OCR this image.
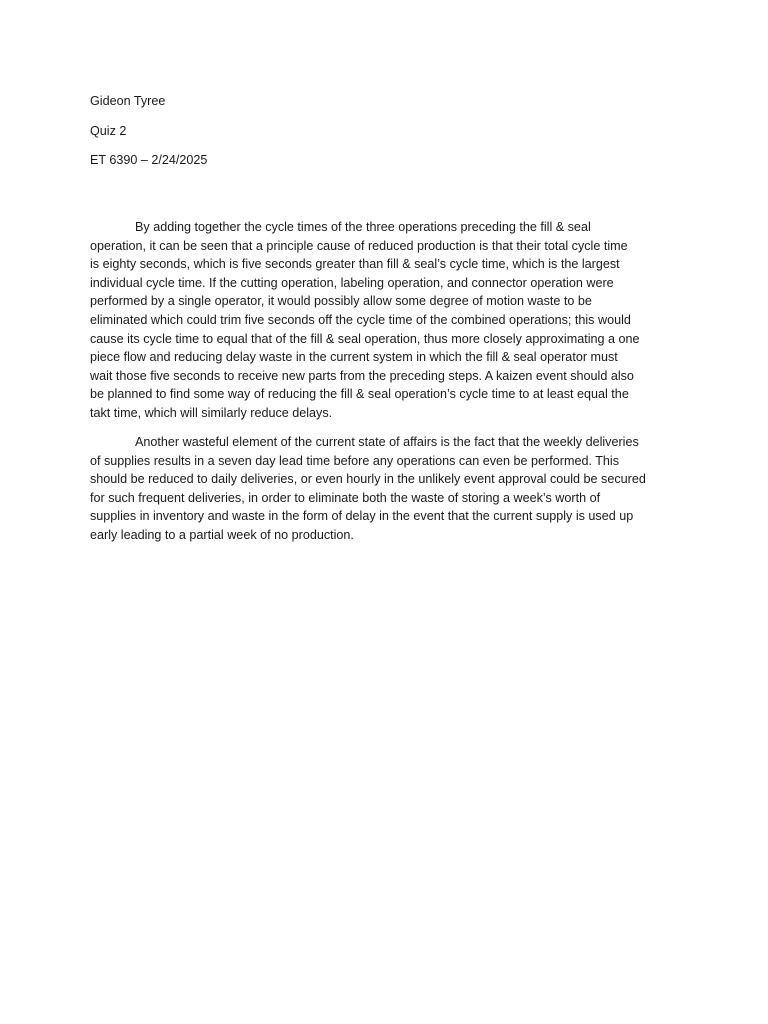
Gideon Tyree

Quiz 2

ET 6390 – 2/24/2025

By adding together the cycle times of the three operations preceding the fill & seal
operation, it can be seen that a principle cause of reduced production is that their total cycle time
is eighty seconds, which is five seconds greater than fill & seal’s cycle time, which is the largest
individual cycle time. If the cutting operation, labeling operation, and connector operation were
performed by a single operator, it would possibly allow some degree of motion waste to be
eliminated which could trim five seconds off the cycle time of the combined operations; this would
cause its cycle time to equal that of the fill & seal operation, thus more closely approximating a one
piece flow and reducing delay waste in the current system in which the fill & seal operator must
wait those five seconds to receive new parts from the preceding steps. A kaizen event should also
be planned to find some way of reducing the fill & seal operation’s cycle time to at least equal the
takt time, which will similarly reduce delays.

Another wasteful element of the current state of affairs is the fact that the weekly deliveries
of supplies results in a seven day lead time before any operations can even be performed. This
should be reduced to daily deliveries, or even hourly in the unlikely event approval could be secured
for such frequent deliveries, in order to eliminate both the waste of storing a week’s worth of
supplies in inventory and waste in the form of delay in the event that the current supply is used up
early leading to a partial week of no production.
